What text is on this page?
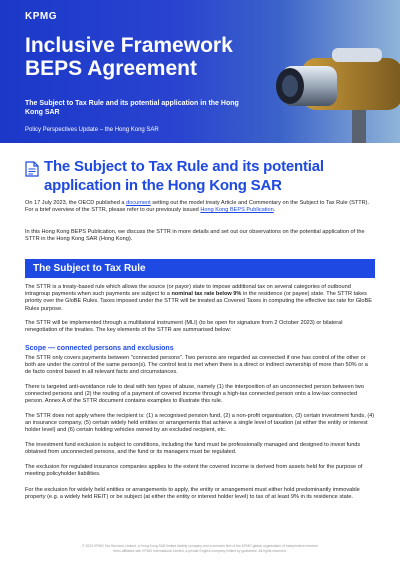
KPMG
Inclusive Framework BEPS Agreement
The Subject to Tax Rule and its potential application in the Hong Kong SAR
Policy Perspectives Update – the Hong Kong SAR
The Subject to Tax Rule and its potential application in the Hong Kong SAR
On 17 July 2023, the OECD published a document setting out the model treaty Article and Commentary on the Subject to Tax Rule (STTR). For a brief overview of the STTR, please refer to our previously issued Hong Kong BEPS Publication.
In this Hong Kong BEPS Publication, we discuss the STTR in more details and set out our observations on the potential application of the STTR in the Hong Kong SAR (Hong Kong).
The Subject to Tax Rule
The STTR is a treaty-based rule which allows the source (or payor) state to impose additional tax on several categories of outbound intragroup payments when such payments are subject to a nominal tax rate below 9% in the residence (or payee) state. The STTR takes priority over the GloBE Rules. Taxes imposed under the STTR will be treated as Covered Taxes in computing the effective tax rate for GloBE Rules purpose.
The STTR will be implemented through a multilateral instrument (MLI) (to be open for signature from 2 October 2023) or bilateral renegotiation of the treaties. The key elements of the STTR are summarised below:
Scope — connected persons and exclusions
The STTR only covers payments between "connected persons". Two persons are regarded as connected if one has control of the other or both are under the control of the same person(s). The control test is met when there is a direct or indirect ownership of more than 50% or a de facto control based in all relevant facts and circumstances.
There is targeted anti-avoidance rule to deal with two types of abuse, namely (1) the interposition of an unconnected person between two connected persons and (2) the routing of a payment of covered income through a high-tax connected person onto a low-tax connected person. Annex A of the STTR document contains examples to illustrate this rule.
The STTR does not apply where the recipient is: (1) a recognised pension fund, (2) a non-profit organisation, (3) certain investment funds, (4) an insurance company, (5) certain widely held entities or arrangements that achieve a single level of taxation (at either the entity or interest holder level) and (6) certain holding vehicles owned by an excluded recipient, etc.
The investment fund exclusion is subject to conditions, including the fund must be professionally managed and designed to invest funds obtained from unconnected persons, and the fund or its managers must be regulated.
The exclusion for regulated insurance companies applies to the extent the covered income is derived from assets held for the purpose of meeting policyholder liabilities.
For the exclusion for widely held entities or arrangements to apply, the entity or arrangement must either hold predominantly immovable property (e.g. a widely held REIT) or be subject (at either the entity or interest holder level) to tax of at least 9% in its residence state.
© 2023 KPMG Tax Services Limited, a Hong Kong SAR limited liability company and a member firm of the KPMG global organization of independent member
firms affiliated with KPMG International Limited, a private English company limited by guarantee. All rights reserved.
